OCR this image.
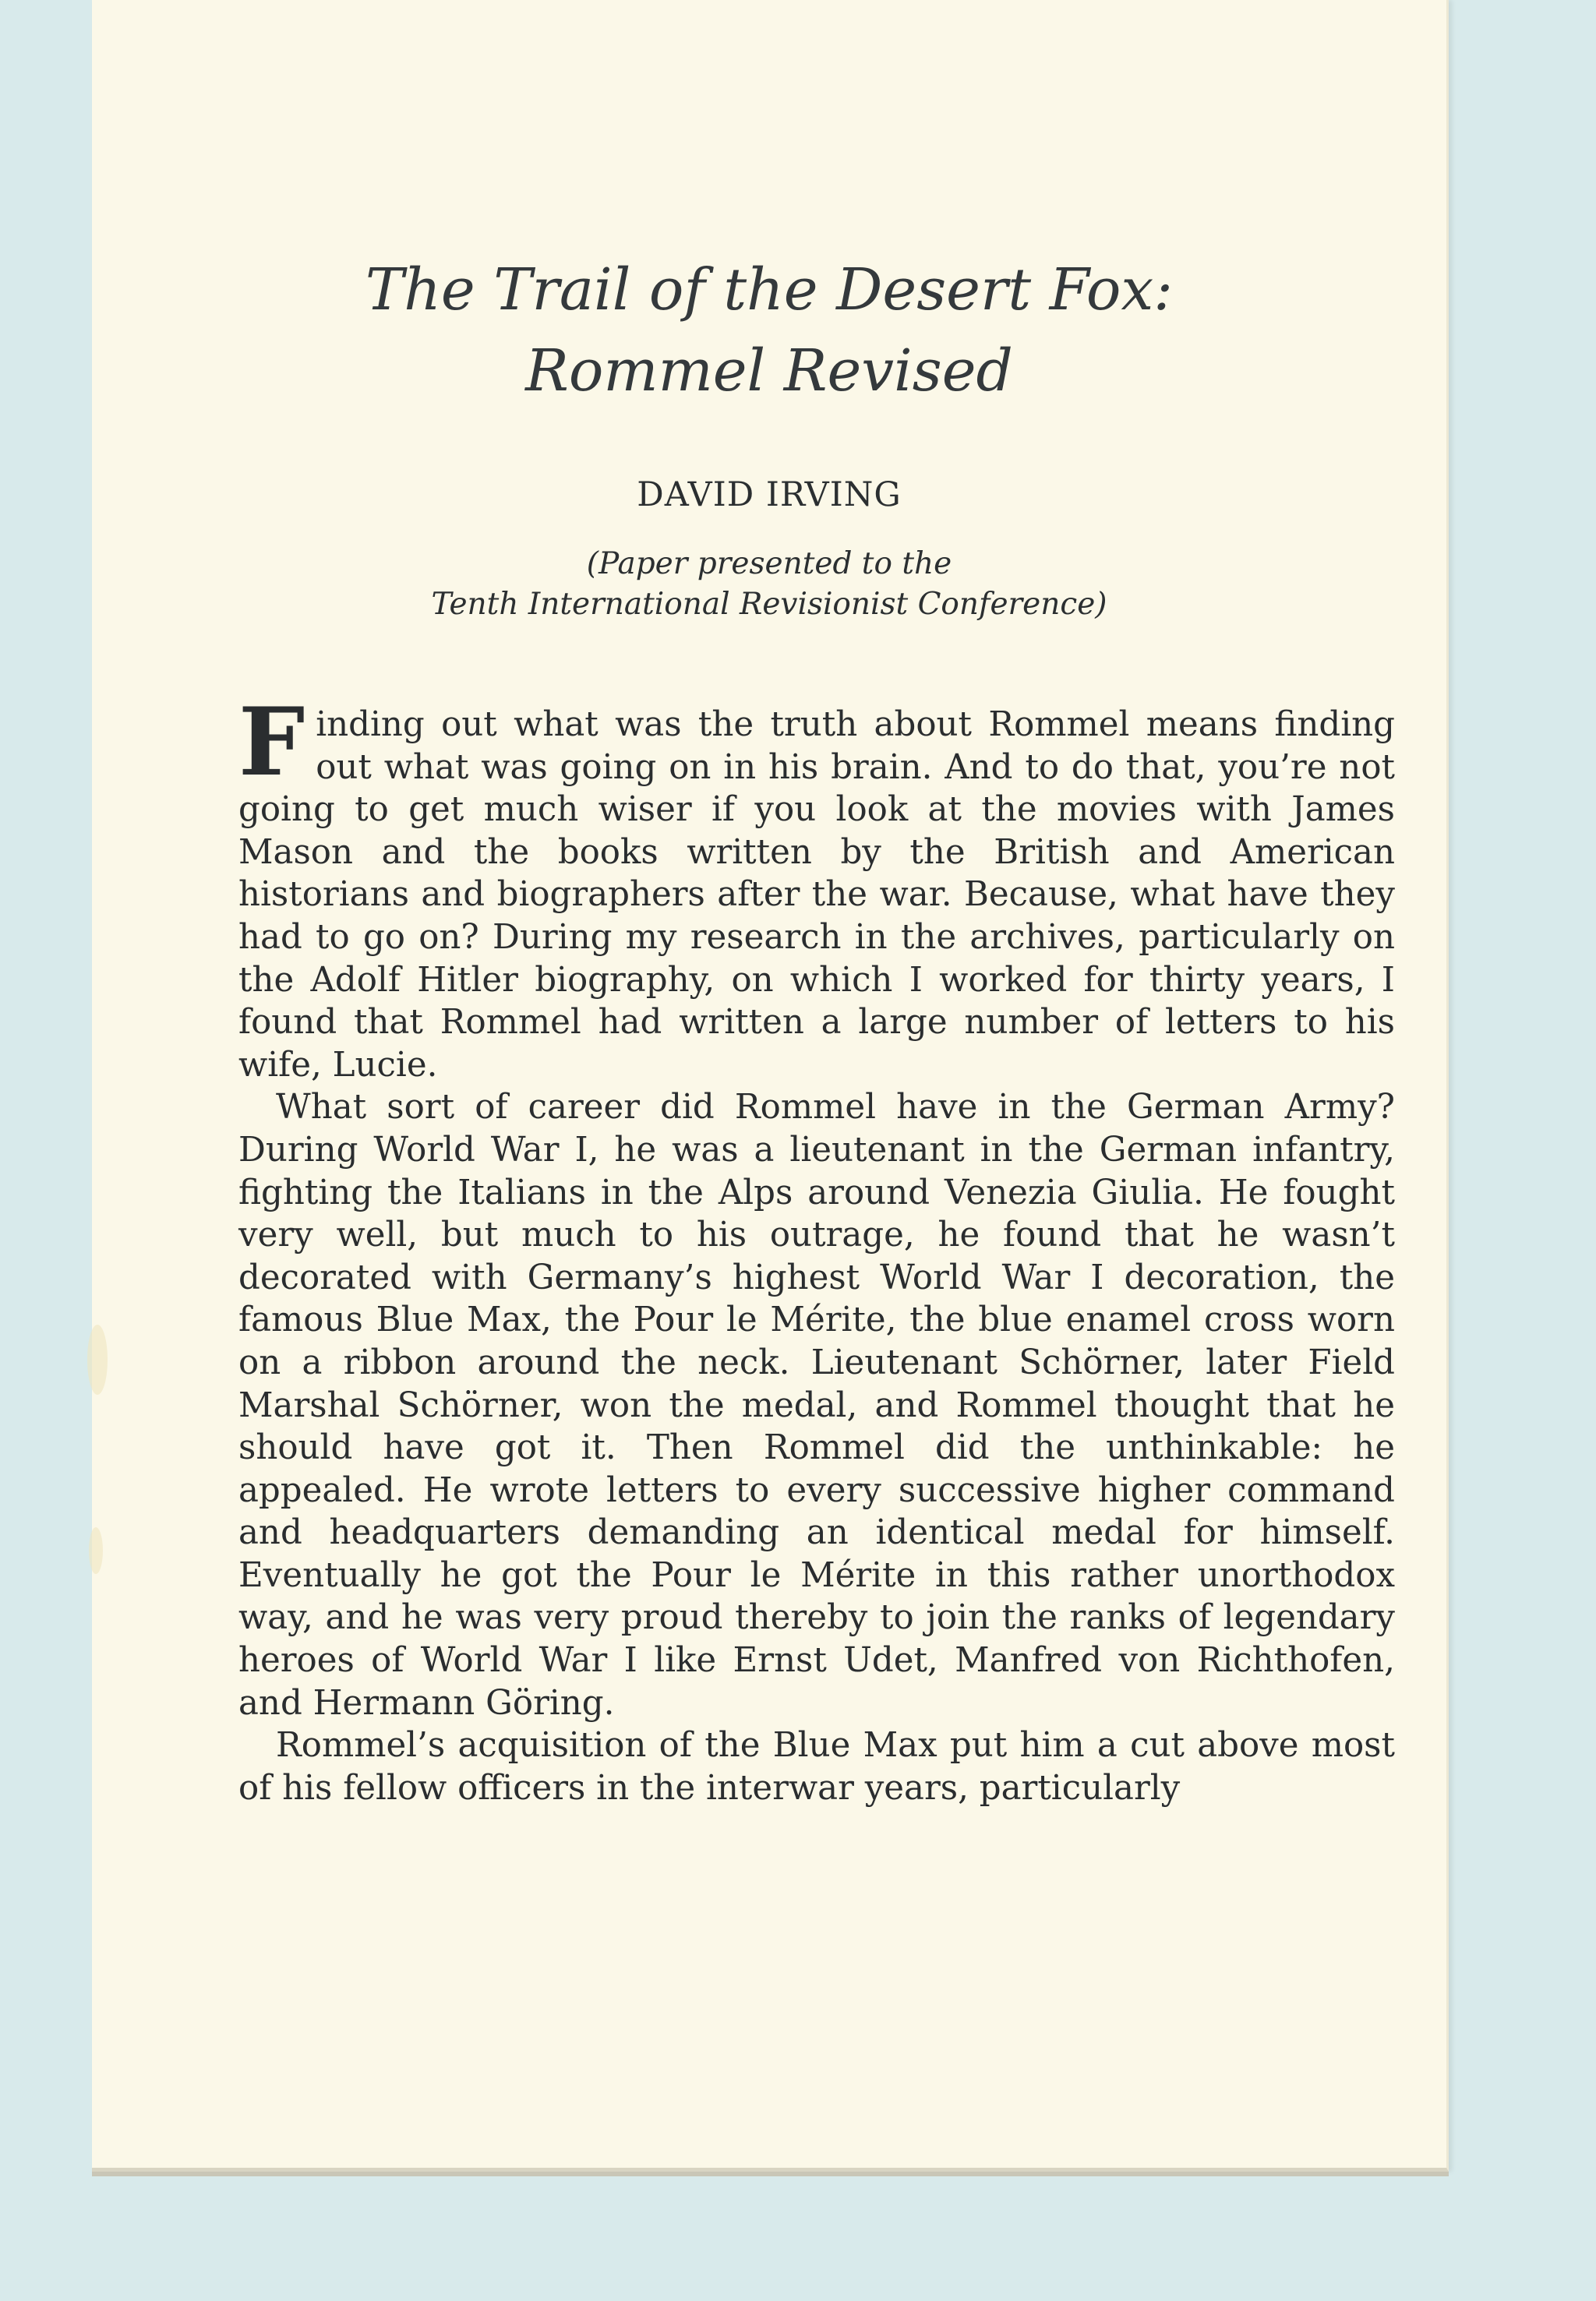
The Trail of the Desert Fox:
Rommel Revised
DAVID IRVING
(Paper presented to the
Tenth International Revisionist Conference)

Finding out what was the truth about Rommel means finding out what was going on in his brain. And to do that, you’re not going to get much wiser if you look at the movies with James Mason and the books written by the British and American historians and biographers after the war. Because, what have they had to go on? During my research in the archives, particularly on the Adolf Hitler biography, on which I worked for thirty years, I found that Rommel had written a large number of letters to his wife, Lucie.

What sort of career did Rommel have in the German Army? During World War I, he was a lieutenant in the German infantry, fighting the Italians in the Alps around Venezia Giulia. He fought very well, but much to his outrage, he found that he wasn’t decorated with Germany’s highest World War I decoration, the famous Blue Max, the Pour le Mérite, the blue enamel cross worn on a ribbon around the neck. Lieutenant Schörner, later Field Marshal Schörner, won the medal, and Rommel thought that he should have got it. Then Rommel did the unthinkable: he appealed. He wrote letters to every successive higher command and headquarters demanding an identical medal for himself. Eventually he got the Pour le Mérite in this rather unorthodox way, and he was very proud thereby to join the ranks of legendary heroes of World War I like Ernst Udet, Manfred von Richthofen, and Hermann Göring.

Rommel’s acquisition of the Blue Max put him a cut above most of his fellow officers in the interwar years, particularly
